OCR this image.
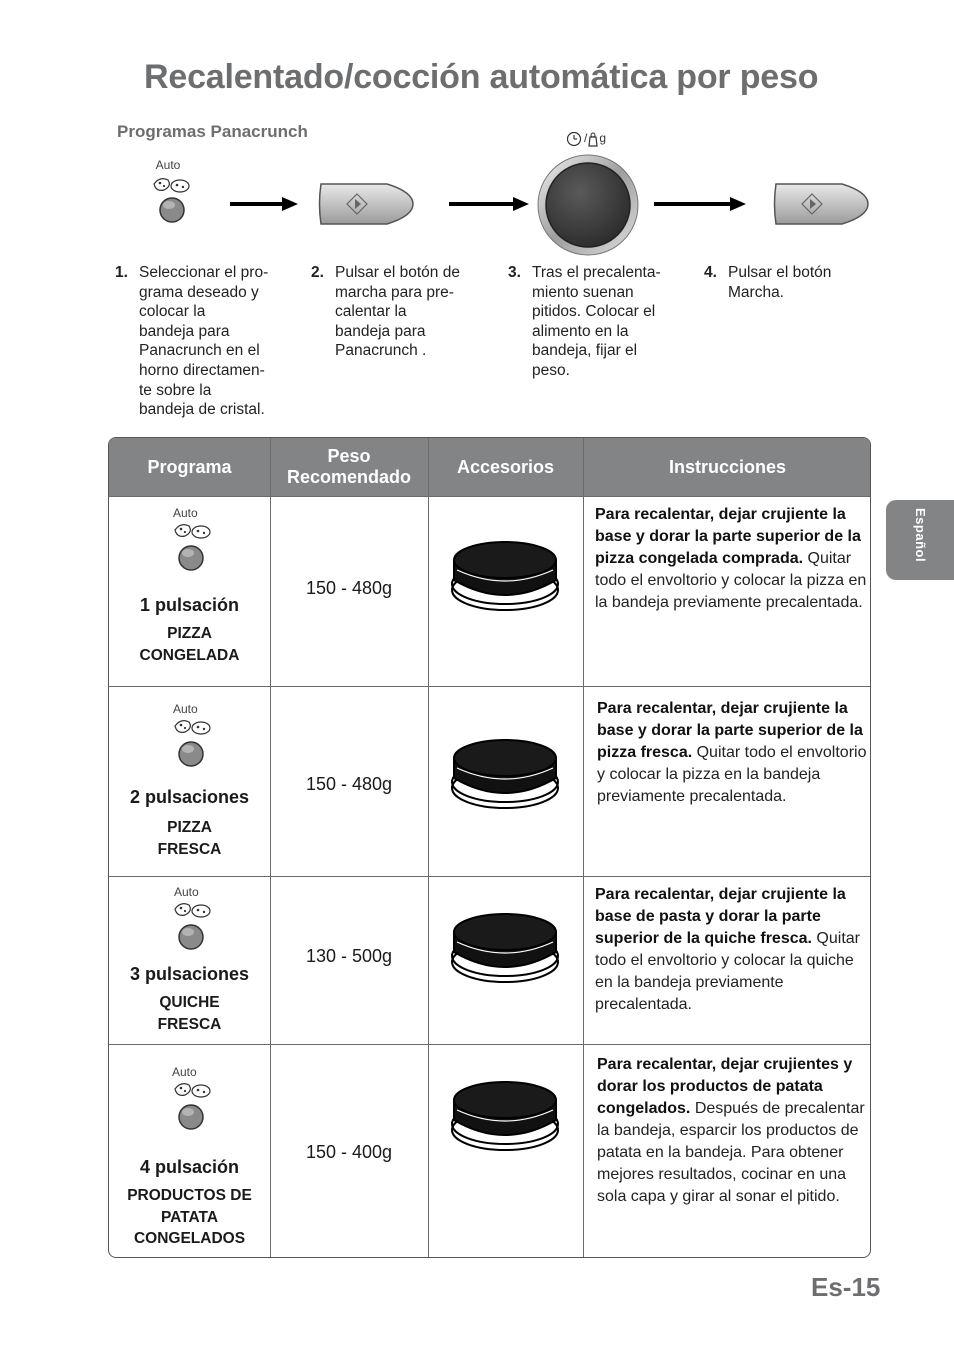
Recalentado/cocción automática por peso
Programas Panacrunch
Auto
/ g
1. Seleccionar el pro-
grama deseado y
colocar la
bandeja para
Panacrunch en el
horno directamen-
te sobre la
bandeja de cristal.
2. Pulsar el botón de
marcha para pre-
calentar la
bandeja para
Panacrunch .
3. Tras el precalenta-
miento suenan
pitidos. Colocar el
alimento en la
bandeja, fijar el
peso.
4. Pulsar el botón
Marcha.
Programa
Peso
Recomendado
Accesorios	Instrucciones
Auto
1 pulsación
PIZZA
CONGELADA
150 - 480g
Para recalentar, dejar crujiente la base y dorar la parte superior de la pizza congelada comprada. Quitar todo el envoltorio y colocar la pizza en la bandeja previamente precalentada.
Auto
2 pulsaciones
PIZZA
FRESCA
150 - 480g
Para recalentar, dejar crujiente la base y dorar la parte superior de la pizza fresca. Quitar todo el envoltorio y colocar la pizza en la bandeja previamente precalentada.
Auto
3 pulsaciones
QUICHE
FRESCA
130 - 500g
Para recalentar, dejar crujiente la base de pasta y dorar la parte superior de la quiche fresca. Quitar todo el envoltorio y colocar la quiche en la bandeja previamente precalentada.
Auto
4 pulsación
PRODUCTOS DE
PATATA
CONGELADOS
150 - 400g
Para recalentar, dejar crujientes y dorar los productos de patata congelados. Después de precalentar la bandeja, esparcir los productos de patata en la bandeja. Para obtener mejores resultados, cocinar en una sola capa y girar al sonar el pitido.
Español
Es-15
